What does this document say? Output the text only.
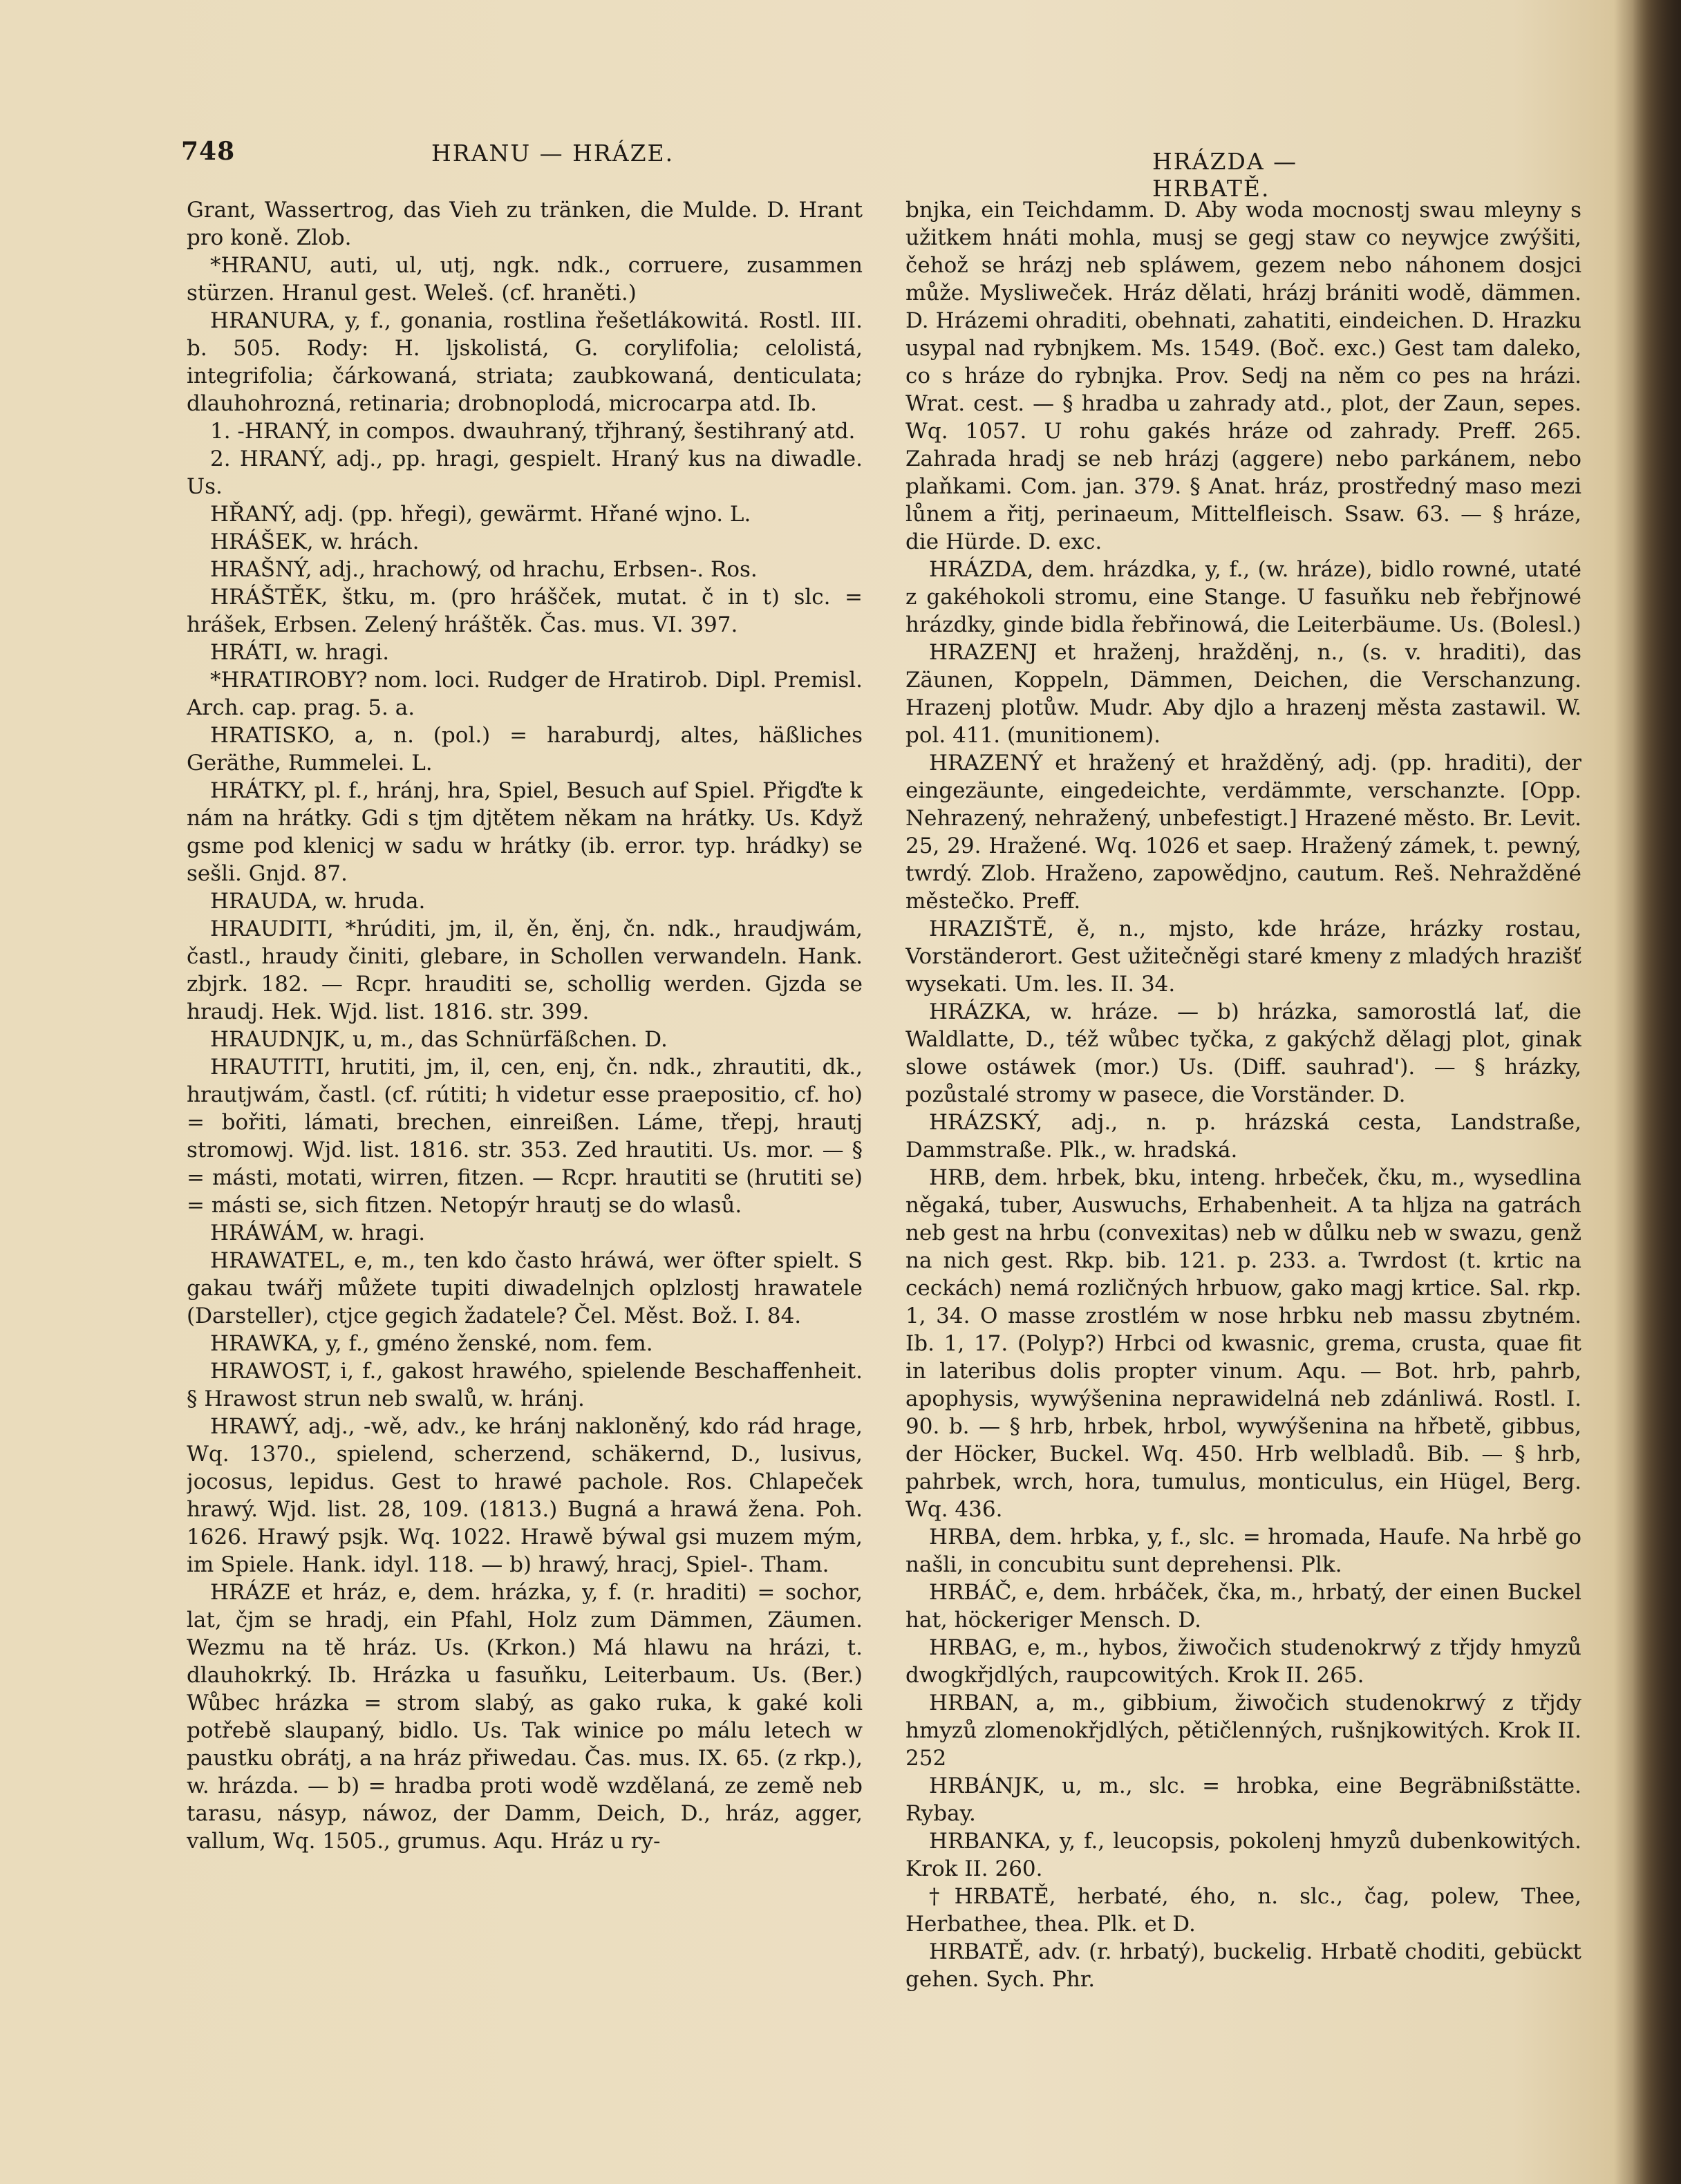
748	HRANU — HRÁZE.	HRÁZDA — HRBATĚ.

Grant, Wassertrog, das Vieh zu tränken, die Mulde. D. Hrant pro koně. Zlob.

*HRANU, auti, ul, utj, ngk. ndk., corruere, zusammen stürzen. Hranul gest. Weleš. (cf. hraněti.)

HRANURA, y, f., gonania, rostlina řešetlákowitá. Rostl. III. b. 505. Rody: H. ljskolistá, G. corylifolia; celolistá, integrifolia; čárkowaná, striata; zaubkowaná, denticulata; dlauhohrozná, retinaria; drobnoplodá, microcarpa atd. Ib.

1. -HRANÝ, in compos. dwauhraný, třjhraný, šestihraný atd.

2. HRANÝ, adj., pp. hragi, gespielt. Hraný kus na diwadle. Us.

HŘANÝ, adj. (pp. hřegi), gewärmt. Hřané wjno. L.

HRÁŠEK, w. hrách.

HRAŠNÝ, adj., hrachowý, od hrachu, Erbsen-. Ros.

HRÁŠTĚK, štku, m. (pro hrášček, mutat. č in t) slc. = hrášek, Erbsen. Zelený hráštěk. Čas. mus. VI. 397.

HRÁTI, w. hragi.

*HRATIROBY? nom. loci. Rudger de Hratirob. Dipl. Premisl. Arch. cap. prag. 5. a.

HRATISKO, a, n. (pol.) = haraburdj, altes, häßliches Geräthe, Rummelei. L.

HRÁTKY, pl. f., hránj, hra, Spiel, Besuch auf Spiel. Přigďte k nám na hrátky. Gdi s tjm djtětem někam na hrátky. Us. Když gsme pod klenicj w sadu w hrátky (ib. error. typ. hrádky) se sešli. Gnjd. 87.

HRAUDA, w. hruda.

HRAUDITI, *hrúditi, jm, il, ěn, ěnj, čn. ndk., hraudjwám, častl., hraudy činiti, glebare, in Schollen verwandeln. Hank. zbjrk. 182. — Rcpr. hrauditi se, schollig werden. Gjzda se hraudj. Hek. Wjd. list. 1816. str. 399.

HRAUDNJK, u, m., das Schnürfäßchen. D.

HRAUTITI, hrutiti, jm, il, cen, enj, čn. ndk., zhrautiti, dk., hrautjwám, častl. (cf. rútiti; h videtur esse praepositio, cf. ho) = bořiti, lámati, brechen, einreißen. Láme, třepj, hrautj stromowj. Wjd. list. 1816. str. 353. Zed hrautiti. Us. mor. — § = másti, motati, wirren, fitzen. — Rcpr. hrautiti se (hrutiti se) = másti se, sich fitzen. Netopýr hrautj se do wlasů.

HRÁWÁM, w. hragi.

HRAWATEL, e, m., ten kdo často hráwá, wer öfter spielt. S gakau twářj můžete tupiti diwadelnjch oplzlostj hrawatele (Darsteller), ctjce gegich žadatele? Čel. Měst. Bož. I. 84.

HRAWKA, y, f., gméno ženské, nom. fem.

HRAWOST, i, f., gakost hrawého, spielende Beschaffenheit. § Hrawost strun neb swalů, w. hránj.

HRAWÝ, adj., -wě, adv., ke hránj nakloněný, kdo rád hrage, Wq. 1370., spielend, scherzend, schäkernd, D., lusivus, jocosus, lepidus. Gest to hrawé pachole. Ros. Chlapeček hrawý. Wjd. list. 28, 109. (1813.) Bugná a hrawá žena. Poh. 1626. Hrawý psjk. Wq. 1022. Hrawě býwal gsi muzem mým, im Spiele. Hank. idyl. 118. — b) hrawý, hracj, Spiel-. Tham.

HRÁZE et hráz, e, dem. hrázka, y, f. (r. hraditi) = sochor, lat, čjm se hradj, ein Pfahl, Holz zum Dämmen, Zäumen. Wezmu na tě hráz. Us. (Krkon.) Má hlawu na hrázi, t. dlauhokrký. Ib. Hrázka u fasuňku, Leiterbaum. Us. (Ber.) Wůbec hrázka = strom slabý, as gako ruka, k gaké koli potřebě slaupaný, bidlo. Us. Tak winice po málu letech w paustku obrátj, a na hráz přiwedau. Čas. mus. IX. 65. (z rkp.), w. hrázda. — b) = hradba proti wodě wzdělaná, ze země neb tarasu, násyp, náwoz, der Damm, Deich, D., hráz, agger, vallum, Wq. 1505., grumus. Aqu. Hráz u ry-

bnjka, ein Teichdamm. D. Aby woda mocnostj swau mleyny s užitkem hnáti mohla, musj se gegj staw co neywjce zwýšiti, čehož se hrázj neb spláwem, gezem nebo náhonem dosjci může. Mysliweček. Hráz dělati, hrázj brániti wodě, dämmen. D. Hrázemi ohraditi, obehnati, zahatiti, eindeichen. D. Hrazku usypal nad rybnjkem. Ms. 1549. (Boč. exc.) Gest tam daleko, co s hráze do rybnjka. Prov. Sedj na něm co pes na hrázi. Wrat. cest. — § hradba u zahrady atd., plot, der Zaun, sepes. Wq. 1057. U rohu gakés hráze od zahrady. Preff. 265. Zahrada hradj se neb hrázj (aggere) nebo parkánem, nebo plaňkami. Com. jan. 379. § Anat. hráz, prostředný maso mezi lůnem a řitj, perinaeum, Mittelfleisch. Ssaw. 63. — § hráze, die Hürde. D. exc.

HRÁZDA, dem. hrázdka, y, f., (w. hráze), bidlo rowné, utaté z gakéhokoli stromu, eine Stange. U fasuňku neb řebřjnowé hrázdky, ginde bidla řebřinowá, die Leiterbäume. Us. (Bolesl.)

HRAZENJ et hraženj, hražděnj, n., (s. v. hraditi), das Zäunen, Koppeln, Dämmen, Deichen, die Verschanzung. Hrazenj plotůw. Mudr. Aby djlo a hrazenj města zastawil. W. pol. 411. (munitionem).

HRAZENÝ et hražený et hražděný, adj. (pp. hraditi), der eingezäunte, eingedeichte, verdämmte, verschanzte. [Opp. Nehrazený, nehražený, unbefestigt.] Hrazené město. Br. Levit. 25, 29. Hražené. Wq. 1026 et saep. Hražený zámek, t. pewný, twrdý. Zlob. Hraženo, zapowědjno, cautum. Reš. Nehražděné městečko. Preff.

HRAZIŠTĚ, ě, n., mjsto, kde hráze, hrázky rostau, Vorständerort. Gest užitečněgi staré kmeny z mladých hrazišť wysekati. Um. les. II. 34.

HRÁZKA, w. hráze. — b) hrázka, samorostlá lať, die Waldlatte, D., též wůbec tyčka, z gakýchž dělagj plot, ginak slowe ostáwek (mor.) Us. (Diff. sauhrad'). — § hrázky, pozůstalé stromy w pasece, die Vorständer. D.

HRÁZSKÝ, adj., n. p. hrázská cesta, Landstraße, Dammstraße. Plk., w. hradská.

HRB, dem. hrbek, bku, inteng. hrbeček, čku, m., wysedlina něgaká, tuber, Auswuchs, Erhabenheit. A ta hljza na gatrách neb gest na hrbu (convexitas) neb w důlku neb w swazu, genž na nich gest. Rkp. bib. 121. p. 233. a. Twrdost (t. krtic na ceckách) nemá rozličných hrbuow, gako magj krtice. Sal. rkp. 1, 34. O masse zrostlém w nose hrbku neb massu zbytném. Ib. 1, 17. (Polyp?) Hrbci od kwasnic, grema, crusta, quae fit in lateribus dolis propter vinum. Aqu. — Bot. hrb, pahrb, apophysis, wywýšenina neprawidelná neb zdánliwá. Rostl. I. 90. b. — § hrb, hrbek, hrbol, wywýšenina na hřbetě, gibbus, der Höcker, Buckel. Wq. 450. Hrb welbladů. Bib. — § hrb, pahrbek, wrch, hora, tumulus, monticulus, ein Hügel, Berg. Wq. 436.

HRBA, dem. hrbka, y, f., slc. = hromada, Haufe. Na hrbě go našli, in concubitu sunt deprehensi. Plk.

HRBÁČ, e, dem. hrbáček, čka, m., hrbatý, der einen Buckel hat, höckeriger Mensch. D.

HRBAG, e, m., hybos, žiwočich studenokrwý z třjdy hmyzů dwogkřjdlých, raupcowitých. Krok II. 265.

HRBAN, a, m., gibbium, žiwočich studenokrwý z třjdy hmyzů zlomenokřjdlých, pětičlenných, rušnjkowitých. Krok II. 252

HRBÁNJK, u, m., slc. = hrobka, eine Begräbnißstätte. Rybay.

HRBANKA, y, f., leucopsis, pokolenj hmyzů dubenkowitých. Krok II. 260.

†HRBATĚ, herbaté, ého, n. slc., čag, polew, Thee, Herbathee, thea. Plk. et D.

HRBATĚ, adv. (r. hrbatý), buckelig. Hrbatě choditi, gebückt gehen. Sych. Phr.
